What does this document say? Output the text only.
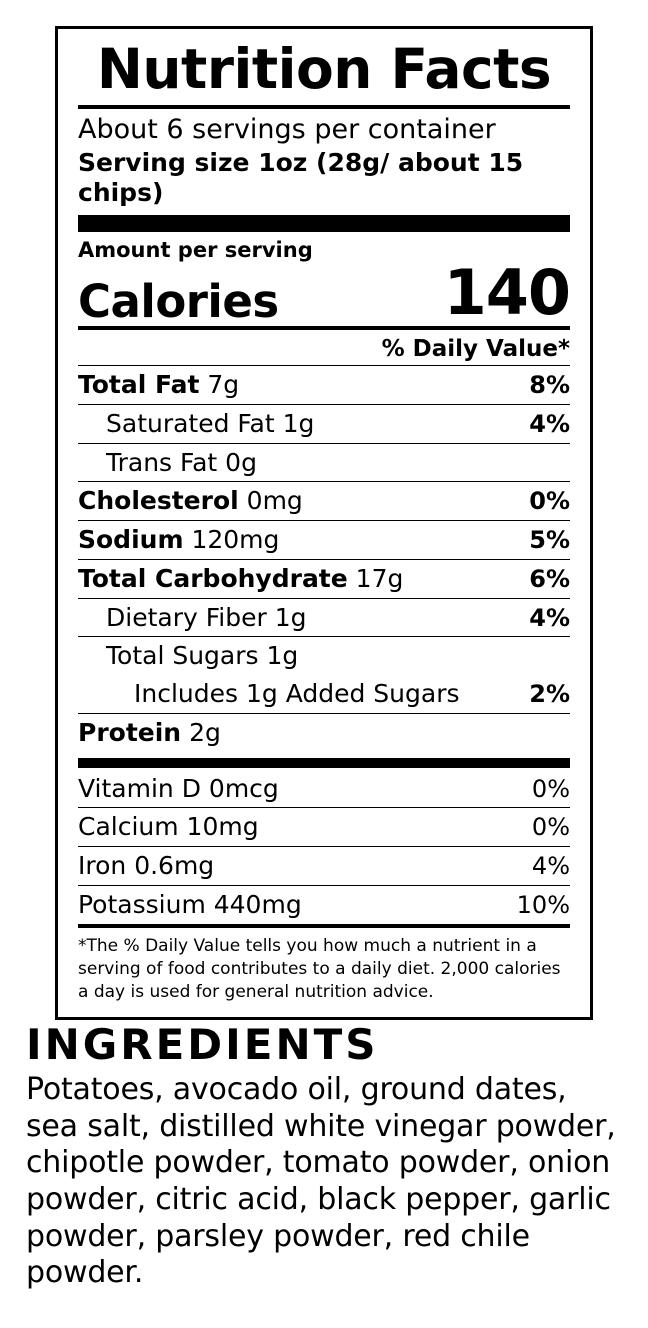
Nutrition Facts
About 6 servings per container
Serving size 1oz (28g/ about 15 chips)
Amount per serving
Calories	140
% Daily Value*
Total Fat 7g	8%
Saturated Fat 1g	4%
Trans Fat 0g
Cholesterol 0mg	0%
Sodium 120mg	5%
Total Carbohydrate 17g	6%
Dietary Fiber 1g	4%
Total Sugars 1g
Includes 1g Added Sugars	2%
Protein 2g
Vitamin D 0mcg	0%
Calcium 10mg	0%
Iron 0.6mg	4%
Potassium 440mg	10%
*The % Daily Value tells you how much a nutrient in a serving of food contributes to a daily diet. 2,000 calories a day is used for general nutrition advice.
INGREDIENTS
Potatoes, avocado oil, ground dates, sea salt, distilled white vinegar powder, chipotle powder, tomato powder, onion powder, citric acid, black pepper, garlic powder, parsley powder, red chile powder.
